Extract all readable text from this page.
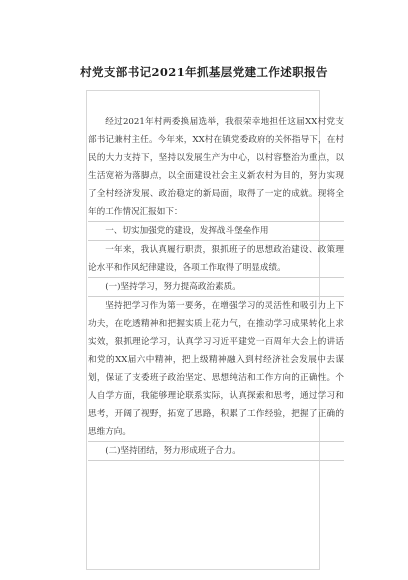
村党支部书记2021年抓基层党建工作述职报告

经过2021年村两委换届选举，我很荣幸地担任这届XX村党支部书记兼村主任。今年来，XX村在镇党委政府的关怀指导下，在村民的大力支持下，坚持以发展生产为中心，以村容整治为重点，以生活宽裕为落脚点，以全面建设社会主义新农村为目的，努力实现了全村经济发展、政治稳定的新局面，取得了一定的成就。现将全年的工作情况汇报如下：

一、切实加强党的建设，发挥战斗堡垒作用

一年来，我认真履行职责，狠抓班子的思想政治建设、政策理论水平和作风纪律建设，各项工作取得了明显成绩。

(一)坚持学习，努力提高政治素质。

坚持把学习作为第一要务，在增强学习的灵活性和吸引力上下功夫，在吃透精神和把握实质上花力气，在推动学习成果转化上求实效，狠抓理论学习，认真学习习近平建党一百周年大会上的讲话和党的XX届六中精神，把上级精神融入到村经济社会发展中去谋划，保证了支委班子政治坚定、思想纯洁和工作方向的正确性。个人自学方面，我能够理论联系实际，认真探索和思考，通过学习和思考，开阔了视野，拓宽了思路，积累了工作经验，把握了正确的思维方向。

(二)坚持团结，努力形成班子合力。
